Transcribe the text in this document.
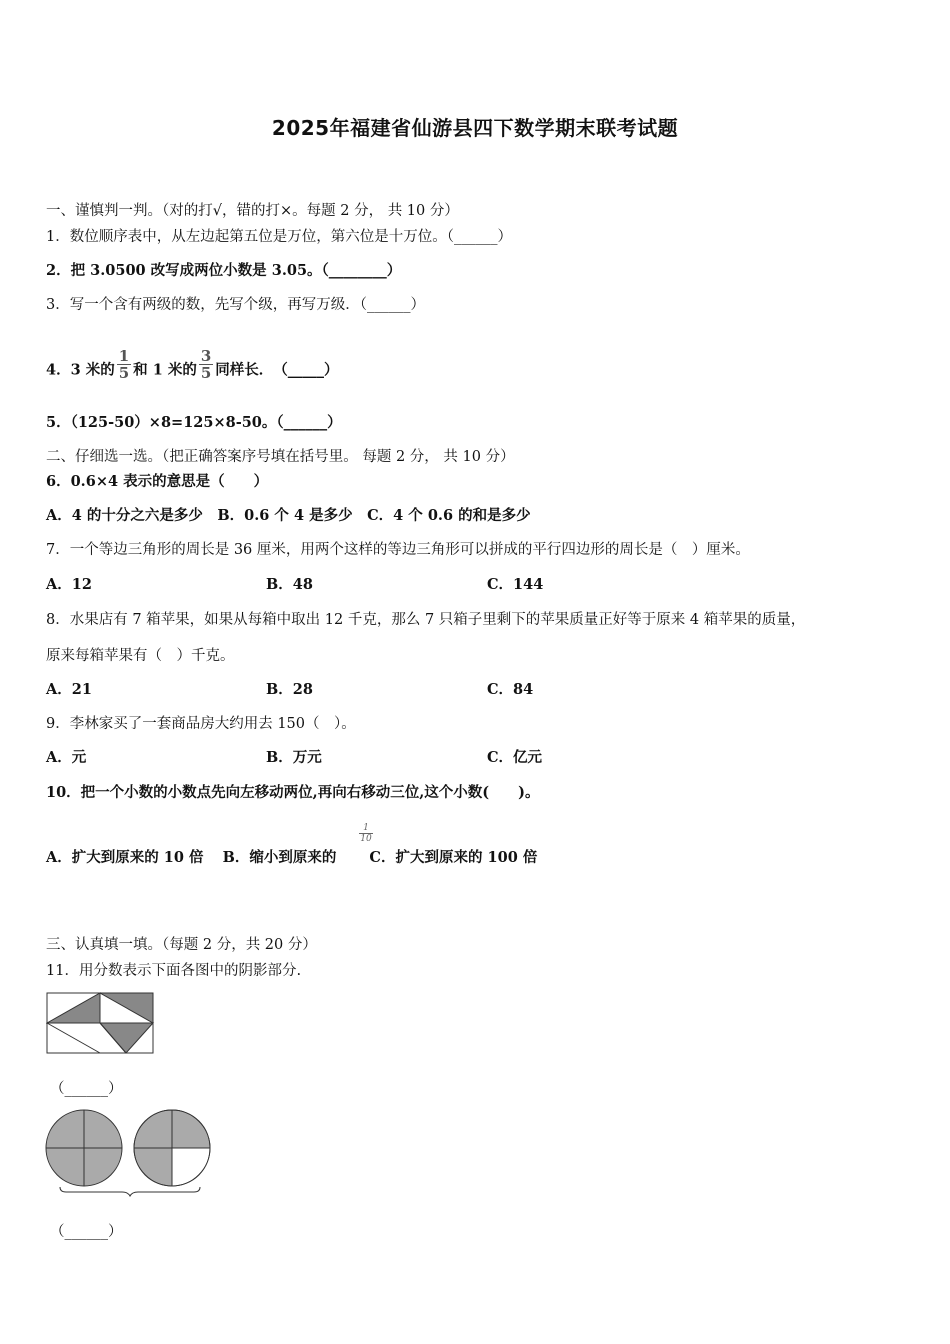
2025年福建省仙游县四下数学期末联考试题
一、谨慎判一判。（对的打√，错的打×。每题 2 分， 共 10 分）
1．数位顺序表中，从左边起第五位是万位，第六位是十万位。（______）
2．把 3.0500 改写成两位小数是 3.05。（________）
3．写一个含有两级的数，先写个级，再写万级．（______）
4．3 米的 $\frac{1}{5}$ 和 1 米的 $\frac{3}{5}$ 同样长．　（_____）
5．（125-50）×8=125×8-50。（______）
二、仔细选一选。（把正确答案序号填在括号里。 每题 2 分， 共 10 分）
6．0.6×4 表示的意思是（　　）
A．4 的十分之六是多少　B．0.6 个 4 是多少　C．4 个 0.6 的和是多少
7．一个等边三角形的周长是 36 厘米，用两个这样的等边三角形可以拼成的平行四边形的周长是（　）厘米。
A．12	B．48	C．144
8．水果店有 7 箱苹果，如果从每箱中取出 12 千克，那么 7 只箱子里剩下的苹果质量正好等于原来 4 箱苹果的质量，
原来每箱苹果有（　）千克。
A．21	B．28	C．84
9．李林家买了一套商品房大约用去 150（　）。
A．元	B．万元	C．亿元
10．把一个小数的小数点先向左移动两位,再向右移动三位,这个小数(　　)。
A．扩大到原来的 10 倍 B．缩小到原来的 C．扩大到原来的 100 倍
$\frac{1}{10}$
三、认真填一填。（每题 2 分，共 20 分）
11．用分数表示下面各图中的阴影部分.
（______）
（______）
